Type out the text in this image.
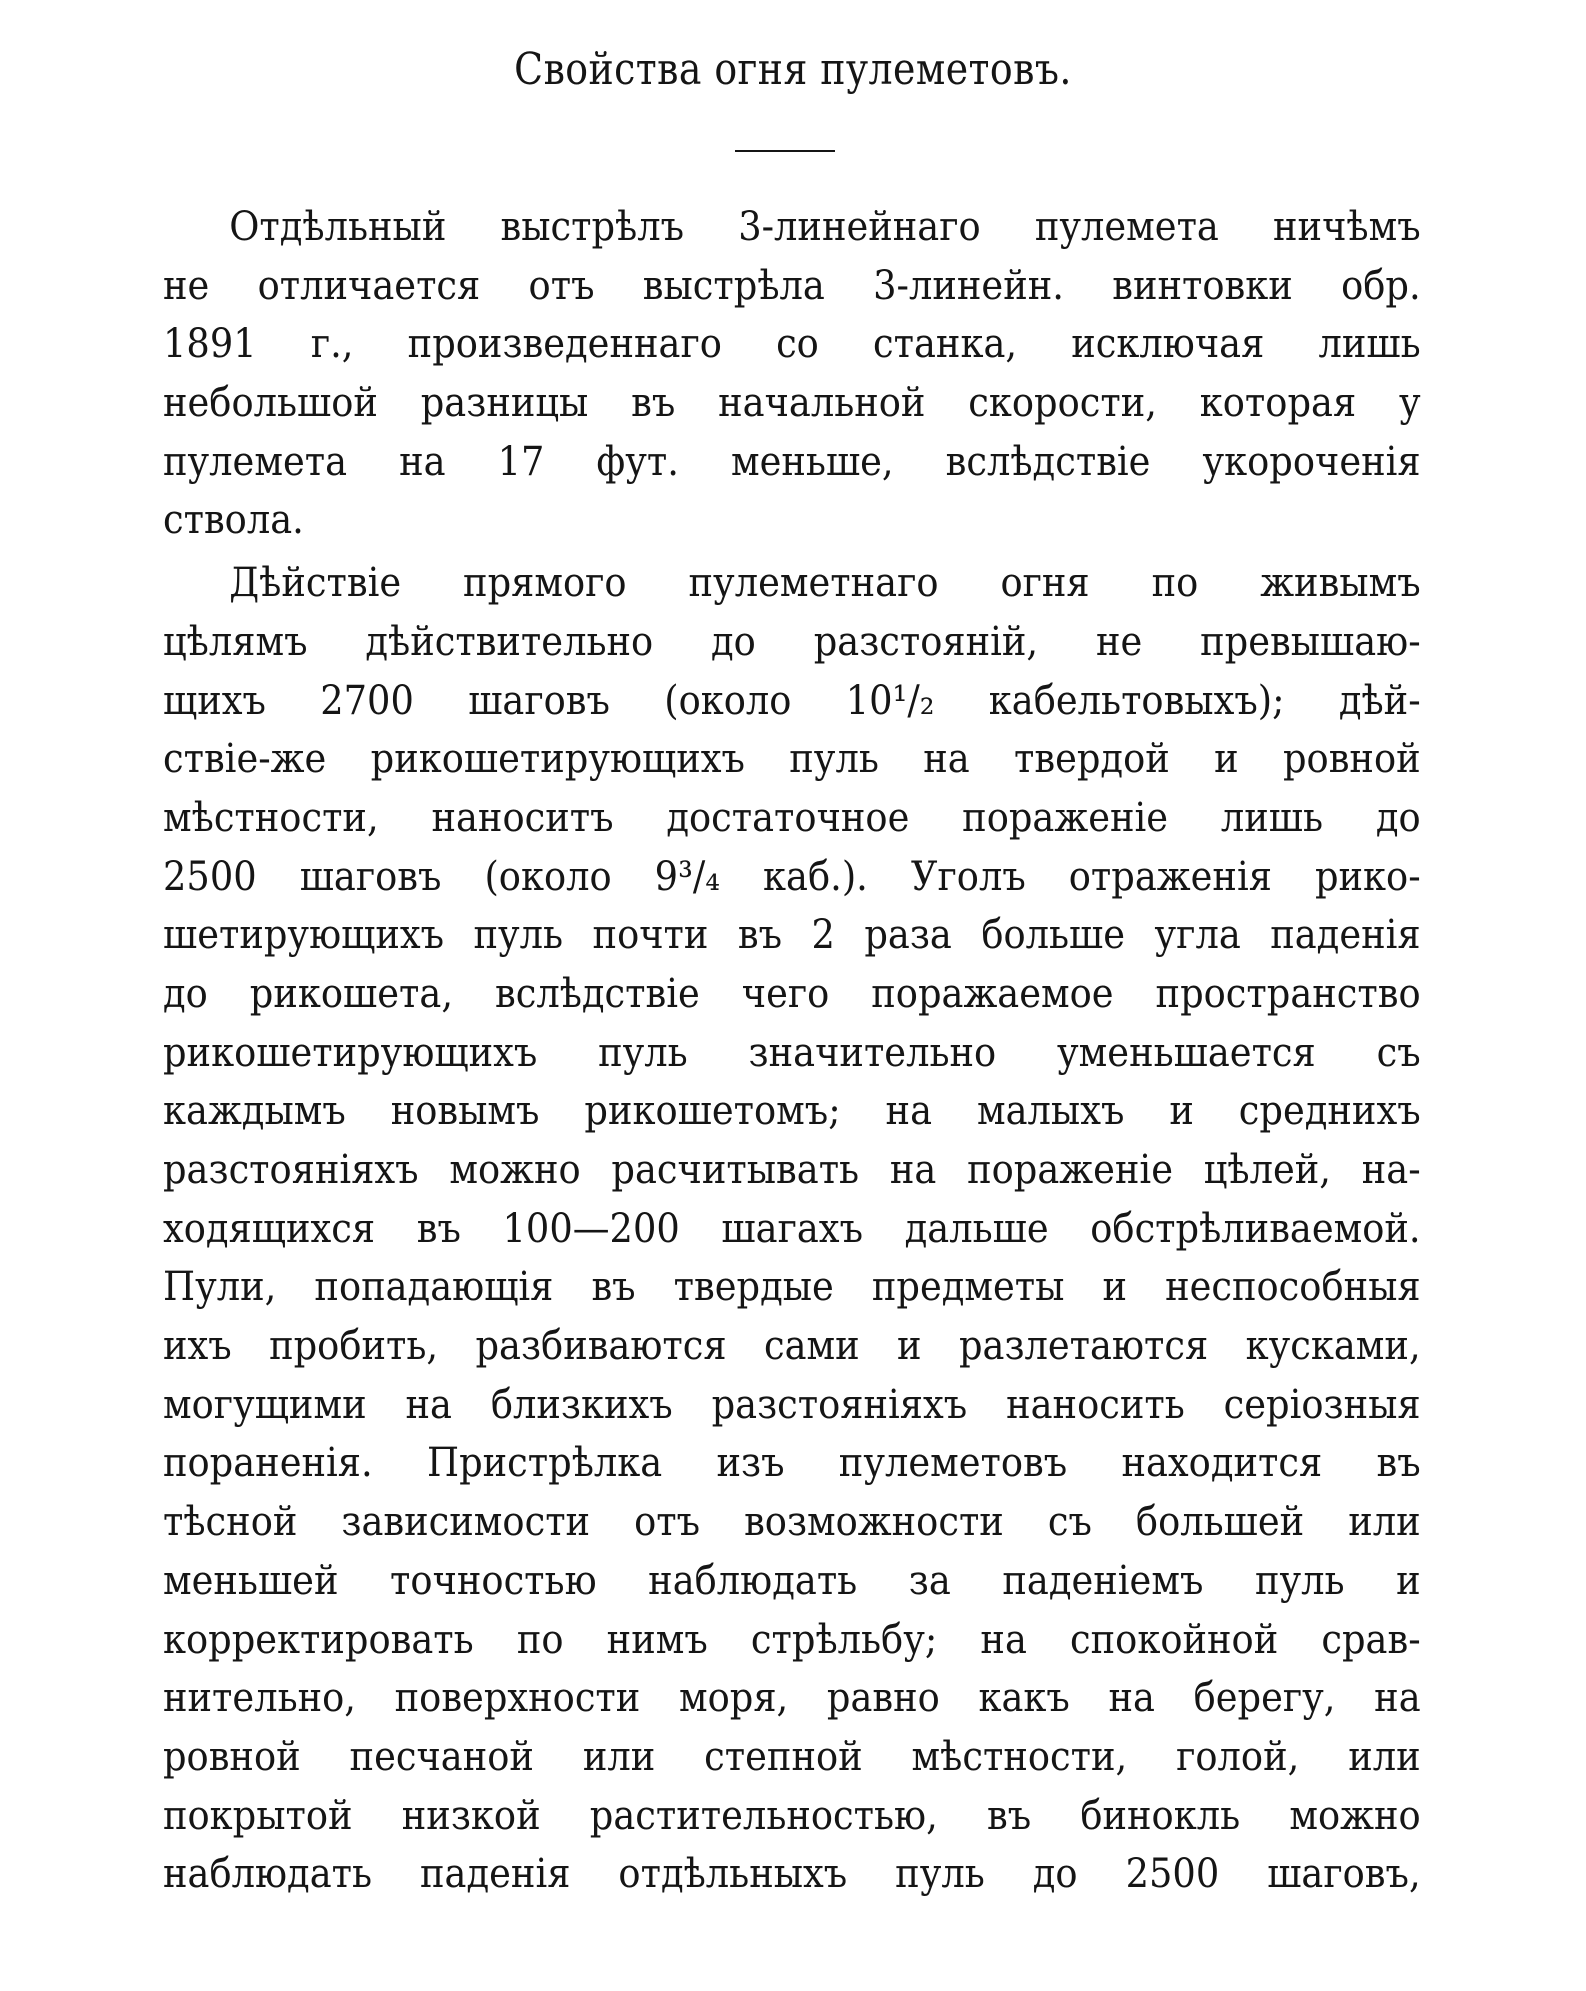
Свойства огня пулеметовъ.
Отдѣльный выстрѣлъ 3-линейнаго пулемета ничѣмъ
не отличается отъ выстрѣла 3-линейн. винтовки обр.
1891 г., произведеннаго со станка, исключая лишь
небольшой разницы въ начальной скорости, которая у
пулемета на 17 фут. меньше, вслѣдствіе укороченія
ствола.
Дѣйствіе прямого пулеметнаго огня по живымъ
цѣлямъ дѣйствительно до разстояній, не превышаю-
щихъ 2700 шаговъ (около 10¹/₂ кабельтовыхъ); дѣй-
ствіе-же рикошетирующихъ пуль на твердой и ровной
мѣстности, наноситъ достаточное пораженіе лишь до
2500 шаговъ (около 9³/₄ каб.). Уголъ отраженія рико-
шетирующихъ пуль почти въ 2 раза больше угла паденія
до рикошета, вслѣдствіе чего поражаемое пространство
рикошетирующихъ пуль значительно уменьшается съ
каждымъ новымъ рикошетомъ; на малыхъ и среднихъ
разстояніяхъ можно расчитывать на пораженіе цѣлей, на-
ходящихся въ 100—200 шагахъ дальше обстрѣливаемой.
Пули, попадающія въ твердые предметы и неспособныя
ихъ пробить, разбиваются сами и разлетаются кусками,
могущими на близкихъ разстояніяхъ наносить серіозныя
пораненія. Пристрѣлка изъ пулеметовъ находится въ
тѣсной зависимости отъ возможности съ большей или
меньшей точностью наблюдать за паденіемъ пуль и
корректировать по нимъ стрѣльбу; на спокойной срав-
нительно, поверхности моря, равно какъ на берегу, на
ровной песчаной или степной мѣстности, голой, или
покрытой низкой растительностью, въ бинокль можно
наблюдать паденія отдѣльныхъ пуль до 2500 шаговъ,
